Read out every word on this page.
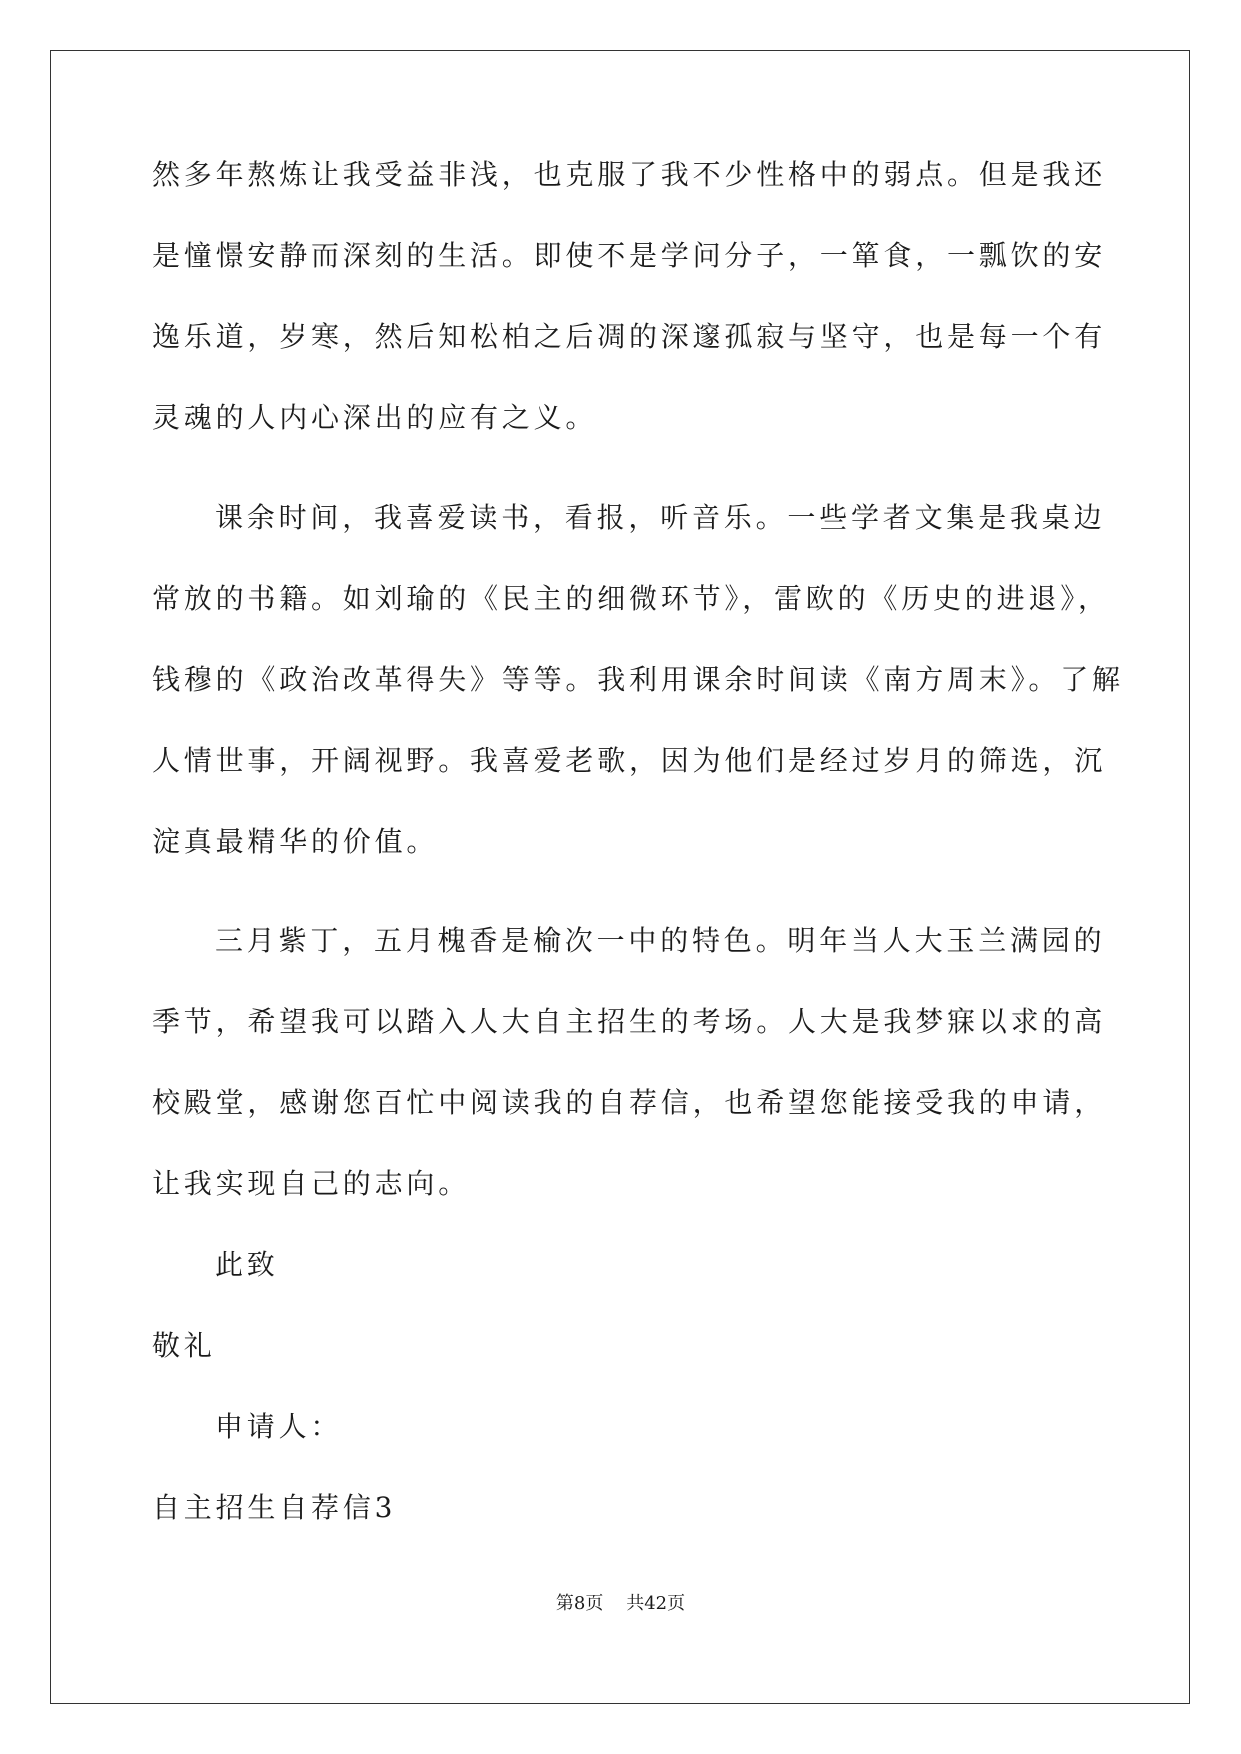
然多年熬炼让我受益非浅，也克服了我不少性格中的弱点。但是我还
是憧憬安静而深刻的生活。即使不是学问分子，一箪食，一瓢饮的安
逸乐道，岁寒，然后知松柏之后凋的深邃孤寂与坚守，也是每一个有
灵魂的人内心深出的应有之义。
课余时间，我喜爱读书，看报，听音乐。一些学者文集是我桌边
常放的书籍。如刘瑜的《民主的细微环节》，雷欧的《历史的进退》，
钱穆的《政治改革得失》等等。我利用课余时间读《南方周末》。了解
人情世事，开阔视野。我喜爱老歌，因为他们是经过岁月的筛选，沉
淀真最精华的价值。
三月紫丁，五月槐香是榆次一中的特色。明年当人大玉兰满园的
季节，希望我可以踏入人大自主招生的考场。人大是我梦寐以求的高
校殿堂，感谢您百忙中阅读我的自荐信，也希望您能接受我的申请，
让我实现自己的志向。
此致
敬礼
申请人：
自主招生自荐信3
第8页 共42页
